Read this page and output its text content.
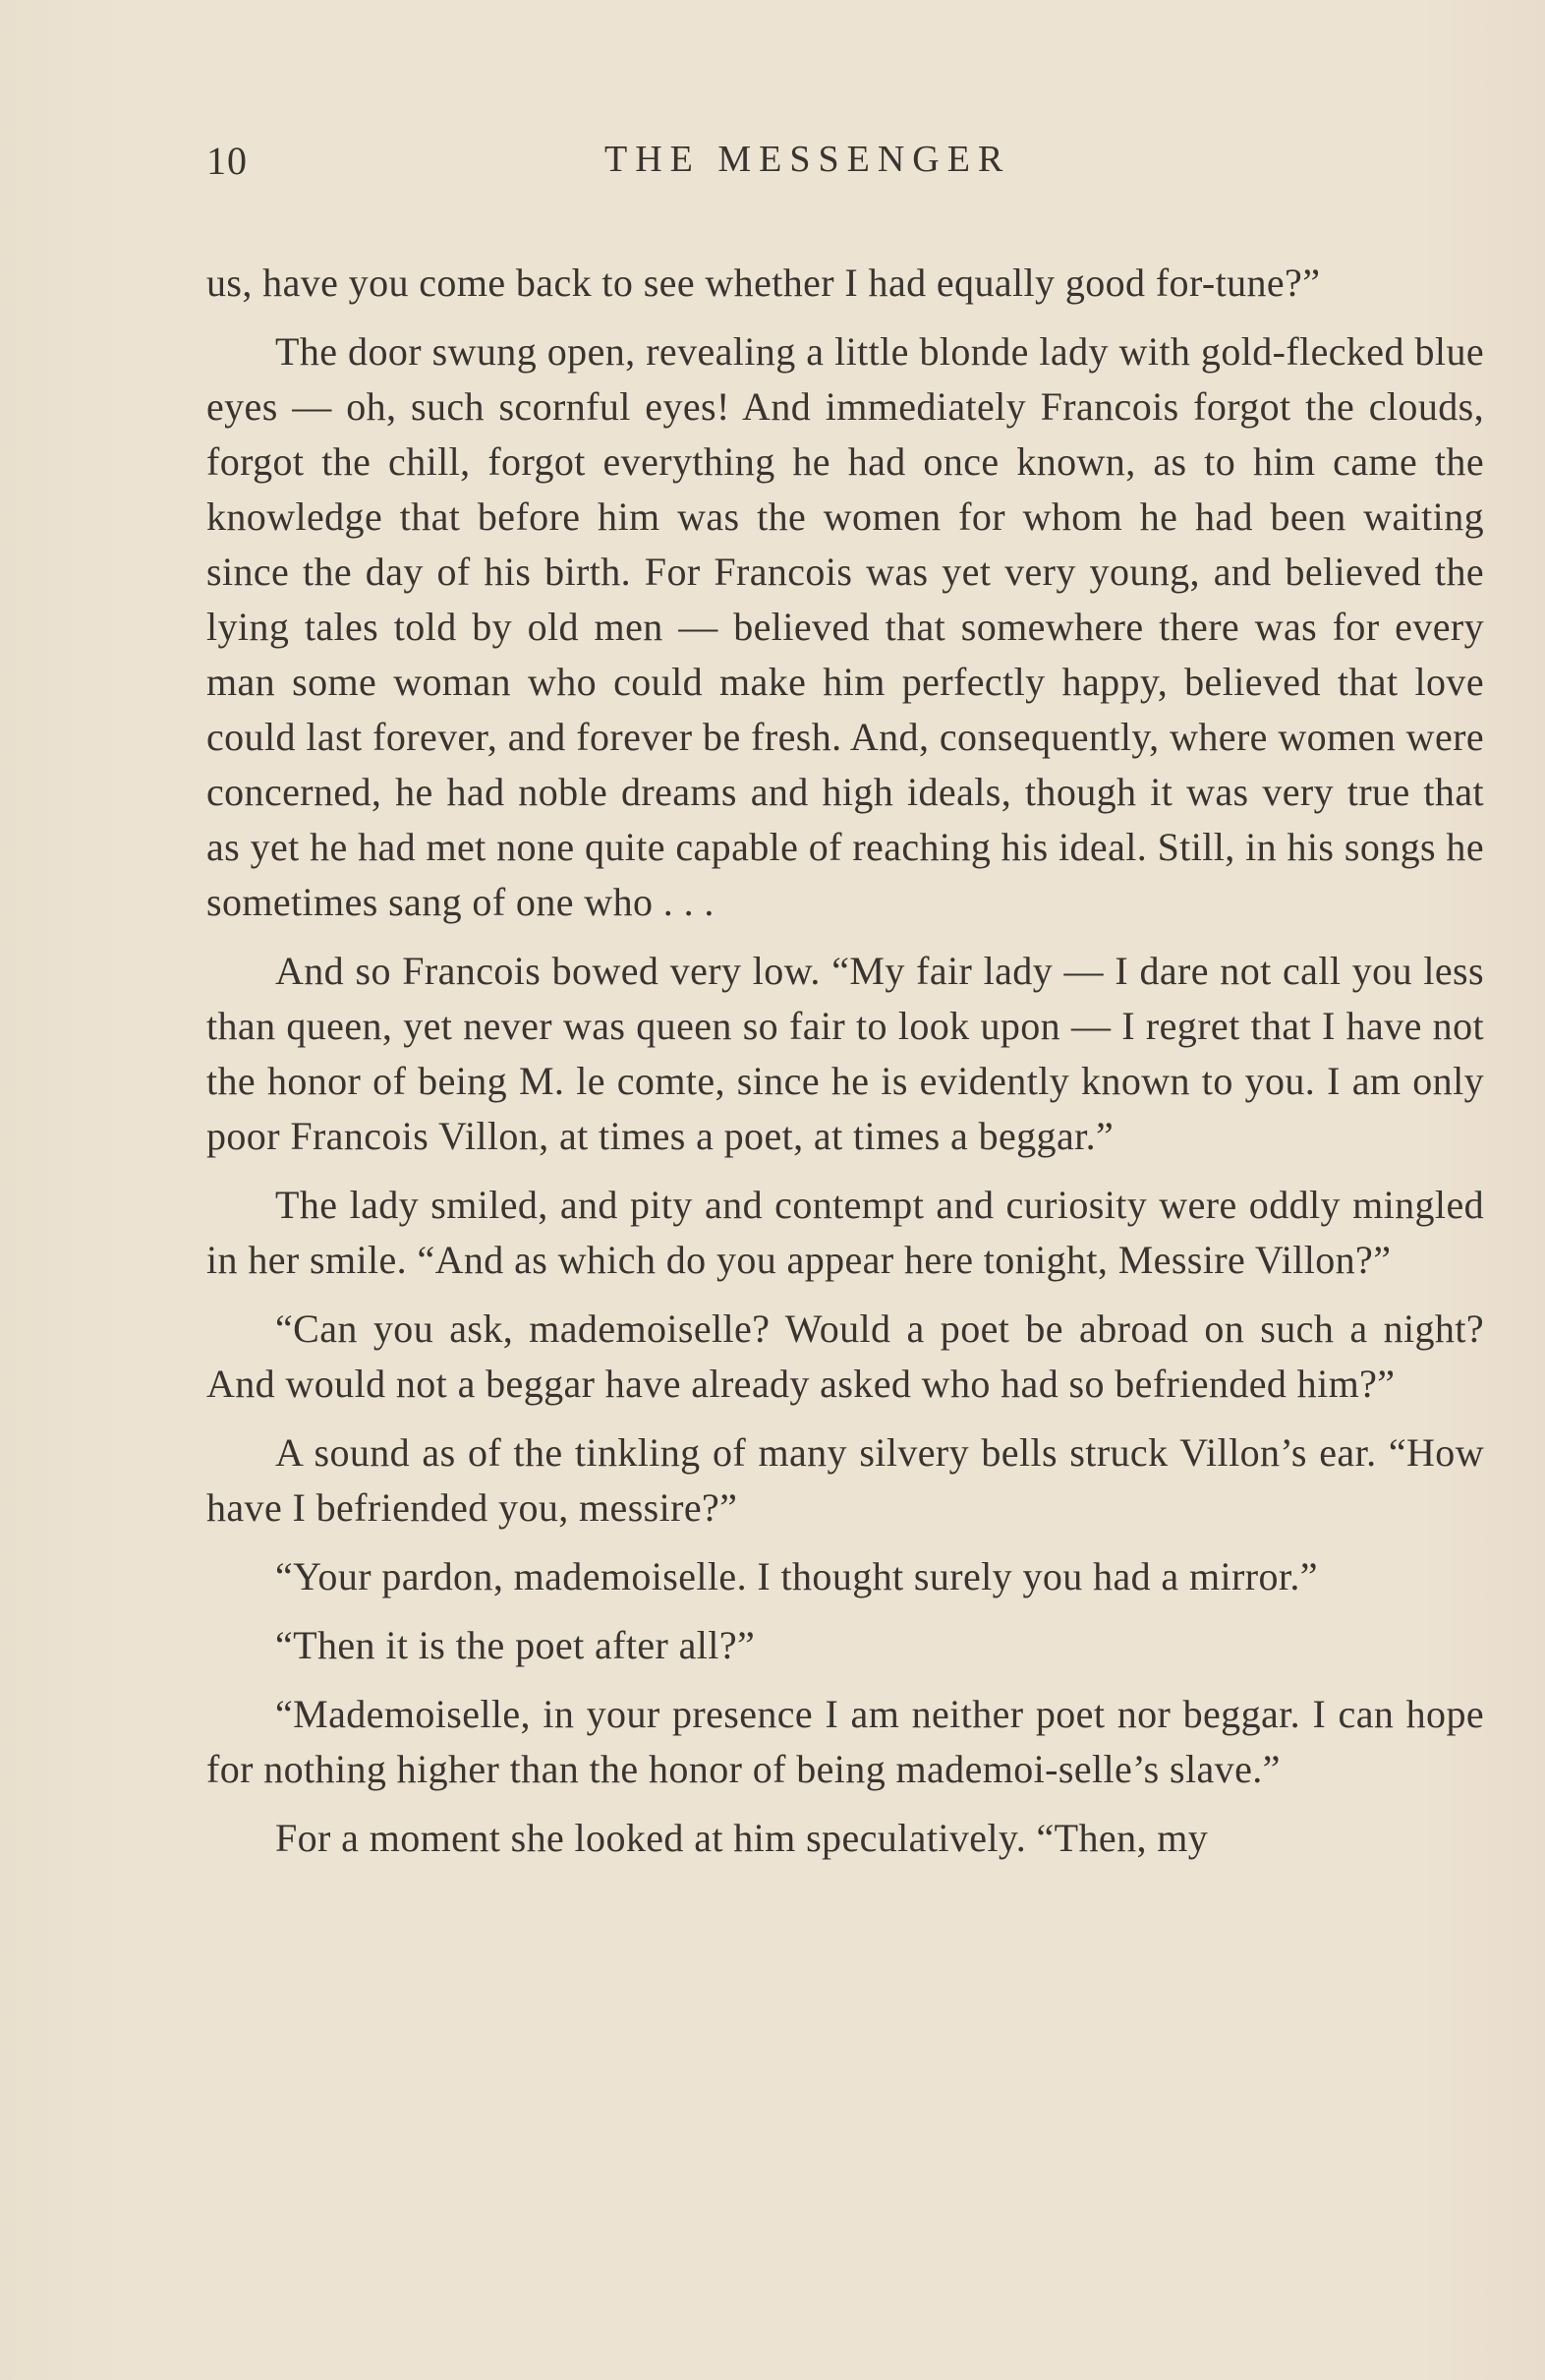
10	THE MESSENGER

us, have you come back to see whether I had equally good for-tune?”

The door swung open, revealing a little blonde lady with gold-flecked blue eyes — oh, such scornful eyes! And immediately Francois forgot the clouds, forgot the chill, forgot everything he had once known, as to him came the knowledge that before him was the women for whom he had been waiting since the day of his birth. For Francois was yet very young, and believed the lying tales told by old men — believed that somewhere there was for every man some woman who could make him perfectly happy, believed that love could last forever, and forever be fresh. And, consequently, where women were concerned, he had noble dreams and high ideals, though it was very true that as yet he had met none quite capable of reaching his ideal. Still, in his songs he sometimes sang of one who . . .

And so Francois bowed very low. “My fair lady — I dare not call you less than queen, yet never was queen so fair to look upon — I regret that I have not the honor of being M. le comte, since he is evidently known to you. I am only poor Francois Villon, at times a poet, at times a beggar.”

The lady smiled, and pity and contempt and curiosity were oddly mingled in her smile. “And as which do you appear here tonight, Messire Villon?”

“Can you ask, mademoiselle? Would a poet be abroad on such a night? And would not a beggar have already asked who had so befriended him?”

A sound as of the tinkling of many silvery bells struck Villon’s ear. “How have I befriended you, messire?”

“Your pardon, mademoiselle. I thought surely you had a mirror.”

“Then it is the poet after all?”

“Mademoiselle, in your presence I am neither poet nor beggar. I can hope for nothing higher than the honor of being mademoi-selle’s slave.”

For a moment she looked at him speculatively. “Then, my
